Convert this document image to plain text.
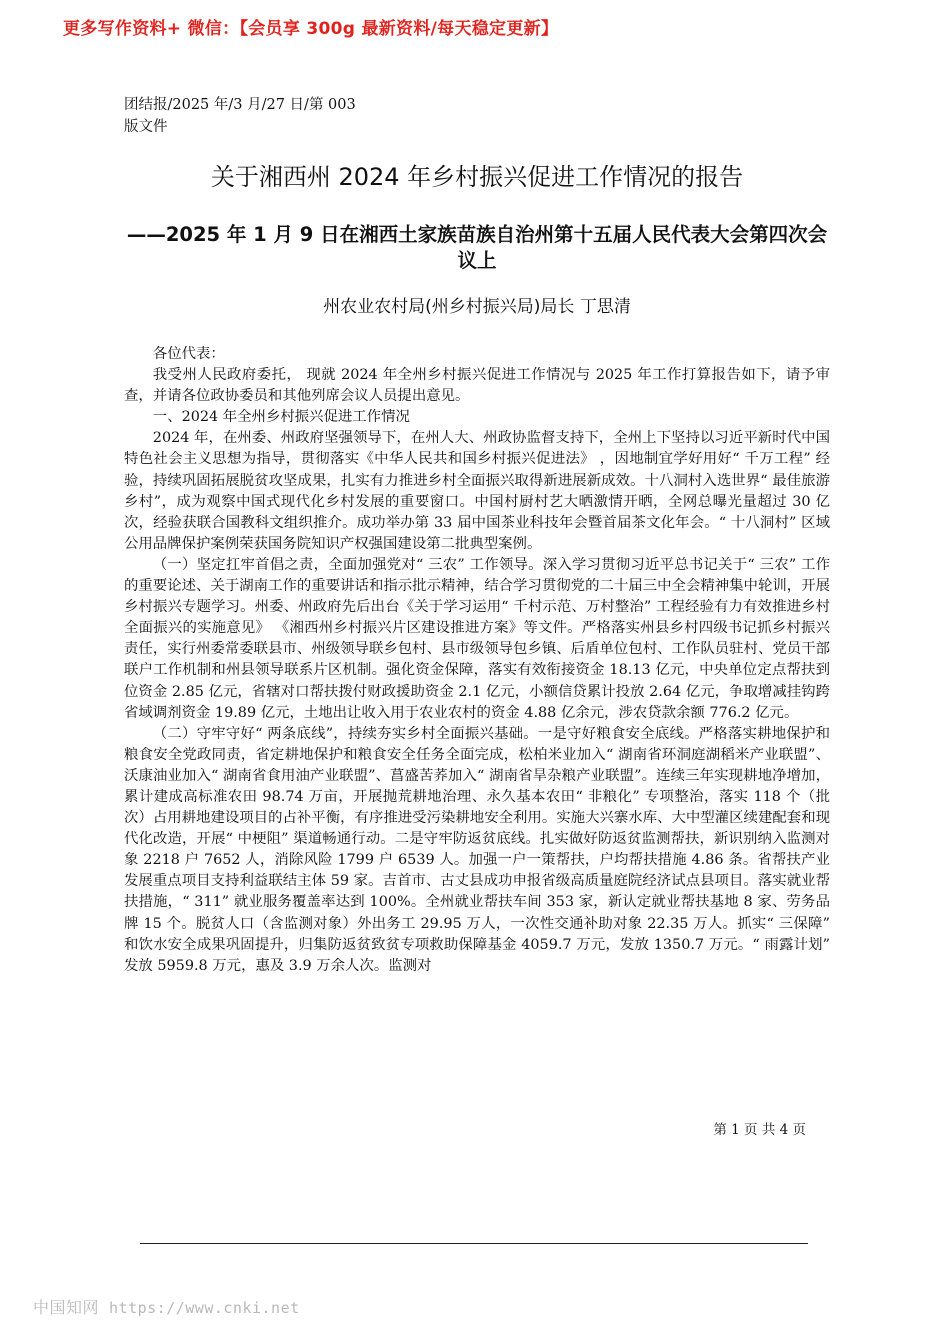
更多写作资料+ 微信：【会员享 300g 最新资料/每天稳定更新】
团结报/2025 年/3 月/27 日/第 003
版文件
关于湘西州 2024 年乡村振兴促进工作情况的报告
——2025 年 1 月 9 日在湘西土家族苗族自治州第十五届人民代表大会第四次会议上
州农业农村局(州乡村振兴局)局长 丁思清

各位代表：

我受州人民政府委托， 现就 2024 年全州乡村振兴促进工作情况与 2025 年工作打算报告如下，请予审查，并请各位政协委员和其他列席会议人员提出意见。

一、2024 年全州乡村振兴促进工作情况

2024 年，在州委、州政府坚强领导下，在州人大、州政协监督支持下，全州上下坚持以习近平新时代中国特色社会主义思想为指导，贯彻落实《中华人民共和国乡村振兴促进法》 ，因地制宜学好用好“ 千万工程” 经验，持续巩固拓展脱贫攻坚成果，扎实有力推进乡村全面振兴取得新进展新成效。十八洞村入选世界“ 最佳旅游乡村”，成为观察中国式现代化乡村发展的重要窗口。中国村厨村艺大晒激情开晒，全网总曝光量超过 30 亿次，经验获联合国教科文组织推介。成功举办第 33 届中国茶业科技年会暨首届茶文化年会。“ 十八洞村” 区域公用品牌保护案例荣获国务院知识产权强国建设第二批典型案例。

（一）坚定扛牢首倡之责，全面加强党对“ 三农” 工作领导。深入学习贯彻习近平总书记关于“ 三农” 工作的重要论述、关于湖南工作的重要讲话和指示批示精神，结合学习贯彻党的二十届三中全会精神集中轮训，开展乡村振兴专题学习。州委、州政府先后出台《关于学习运用“ 千村示范、万村整治” 工程经验有力有效推进乡村全面振兴的实施意见》 《湘西州乡村振兴片区建设推进方案》等文件。严格落实州县乡村四级书记抓乡村振兴责任，实行州委常委联县市、州级领导联乡包村、县市级领导包乡镇、后盾单位包村、工作队员驻村、党员干部联户工作机制和州县领导联系片区机制。强化资金保障，落实有效衔接资金 18.13 亿元，中央单位定点帮扶到位资金 2.85 亿元，省辖对口帮扶拨付财政援助资金 2.1 亿元，小额信贷累计投放 2.64 亿元，争取增减挂钩跨省域调剂资金 19.89 亿元，土地出让收入用于农业农村的资金 4.88 亿余元，涉农贷款余额 776.2 亿元。

（二）守牢守好“ 两条底线”，持续夯实乡村全面振兴基础。一是守好粮食安全底线。严格落实耕地保护和粮食安全党政同责，省定耕地保护和粮食安全任务全面完成，松柏米业加入“ 湖南省环洞庭湖稻米产业联盟”、沃康油业加入“ 湖南省食用油产业联盟”、菖盛苦荞加入“ 湖南省旱杂粮产业联盟”。连续三年实现耕地净增加，累计建成高标准农田 98.74 万亩，开展抛荒耕地治理、永久基本农田“ 非粮化” 专项整治，落实 118 个（批次）占用耕地建设项目的占补平衡，有序推进受污染耕地安全利用。实施大兴寨水库、大中型灌区续建配套和现代化改造，开展“ 中梗阻” 渠道畅通行动。二是守牢防返贫底线。扎实做好防返贫监测帮扶，新识别纳入监测对象 2218 户 7652 人，消除风险 1799 户 6539 人。加强一户一策帮扶，户均帮扶措施 4.86 条。省帮扶产业发展重点项目支持利益联结主体 59 家。吉首市、古丈县成功申报省级高质量庭院经济试点县项目。落实就业帮扶措施，“ 311” 就业服务覆盖率达到 100%。全州就业帮扶车间 353 家，新认定就业帮扶基地 8 家、劳务品牌 15 个。脱贫人口（含监测对象）外出务工 29.95 万人，一次性交通补助对象 22.35 万人。抓实“ 三保障” 和饮水安全成果巩固提升，归集防返贫致贫专项救助保障基金 4059.7 万元，发放 1350.7 万元。“ 雨露计划” 发放 5959.8 万元，惠及 3.9 万余人次。监测对

第 1 页 共 4 页
中国知网 https://www.cnki.net
